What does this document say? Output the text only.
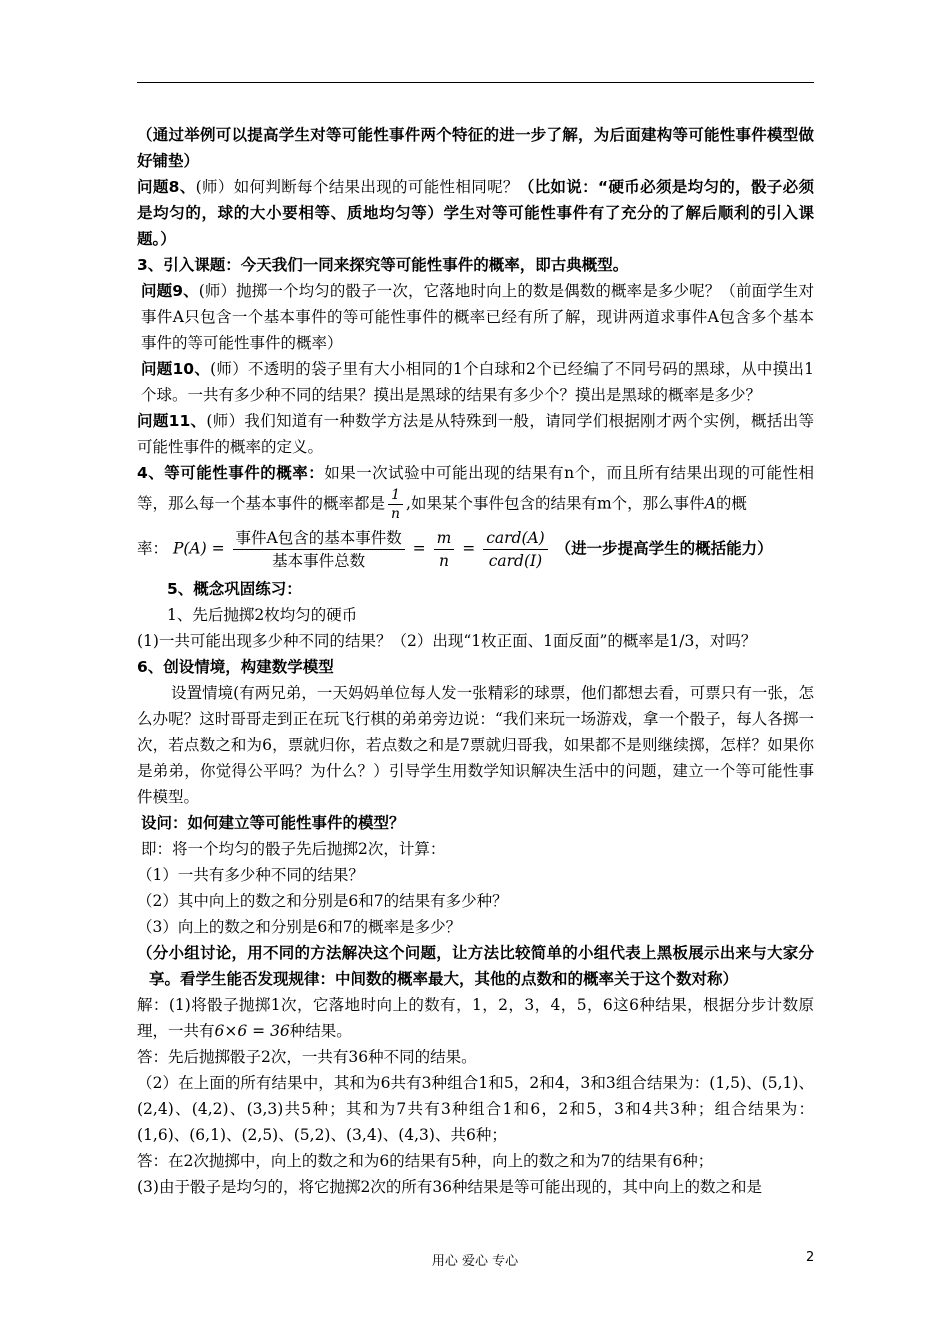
（通过举例可以提高学生对等可能性事件两个特征的进一步了解，为后面建构等可能性事件模型做好铺垫）

问题8、(师）如何判断每个结果出现的可能性相同呢？（比如说：“硬币必须是均匀的，骰子必须是均匀的，球的大小要相等、质地均匀等）学生对等可能性事件有了充分的了解后顺利的引入课题。）

3、引入课题：今天我们一同来探究等可能性事件的概率，即古典概型。

问题9、(师）抛掷一个均匀的骰子一次，它落地时向上的数是偶数的概率是多少呢？（前面学生对事件A只包含一个基本事件的等可能性事件的概率已经有所了解，现讲两道求事件A包含多个基本事件的等可能性事件的概率）

问题10、(师）不透明的袋子里有大小相同的1个白球和2个已经编了不同号码的黑球，从中摸出1个球。一共有多少种不同的结果？摸出是黑球的结果有多少个？摸出是黑球的概率是多少？

问题11、(师）我们知道有一种数学方法是从特殊到一般，请同学们根据刚才两个实例，概括出等可能性事件的概率的定义。

4、等可能性事件的概率：如果一次试验中可能出现的结果有n个，而且所有结果出现的可能性相等，那么每一个基本事件的概率都是 $\frac{1}{n}$ ,如果某个事件包含的结果有m个，那么事件A的概

率： $P(A) = \frac{\text{事件A包含的基本事件数}}{\text{基本事件总数}} = \frac{m}{n} = \frac{\text{card(A)}}{\text{card(I)}}$ （进一步提高学生的概括能力）

5、概念巩固练习：

1、先后抛掷2枚均匀的硬币

(1)一共可能出现多少种不同的结果？（2）出现“1枚正面、1面反面”的概率是1/3，对吗？

6、创设情境，构建数学模型

设置情境(有两兄弟，一天妈妈单位每人发一张精彩的球票，他们都想去看，可票只有一张，怎么办呢？这时哥哥走到正在玩飞行棋的弟弟旁边说：“我们来玩一场游戏，拿一个骰子，每人各掷一次，若点数之和为6，票就归你，若点数之和是7票就归哥我，如果都不是则继续掷，怎样？如果你是弟弟，你觉得公平吗？为什么？）引导学生用数学知识解决生活中的问题，建立一个等可能性事件模型。

设问：如何建立等可能性事件的模型？

即：将一个均匀的骰子先后抛掷2次，计算：

（1）一共有多少种不同的结果？

（2）其中向上的数之和分别是6和7的结果有多少种？

（3）向上的数之和分别是6和7的概率是多少？

（分小组讨论，用不同的方法解决这个问题，让方法比较简单的小组代表上黑板展示出来与大家分享。看学生能否发现规律：中间数的概率最大，其他的点数和的概率关于这个数对称）

解：(1)将骰子抛掷1次，它落地时向上的数有，1，2，3，4，5，6这6种结果，根据分步计数原理，一共有6×6 = 36种结果。

答：先后抛掷骰子2次，一共有36种不同的结果。

（2）在上面的所有结果中，其和为6共有3种组合1和5，2和4，3和3组合结果为：(1,5)、(5,1)、(2,4)、(4,2)、(3,3)共5种；其和为7共有3种组合1和6，2和5，3和4共3种；组合结果为：(1,6)、(6,1)、(2,5)、(5,2)、(3,4)、(4,3)、共6种；

答：在2次抛掷中，向上的数之和为6的结果有5种，向上的数之和为7的结果有6种；

(3)由于骰子是均匀的，将它抛掷2次的所有36种结果是等可能出现的，其中向上的数之和是

用心 爱心 专心	2
